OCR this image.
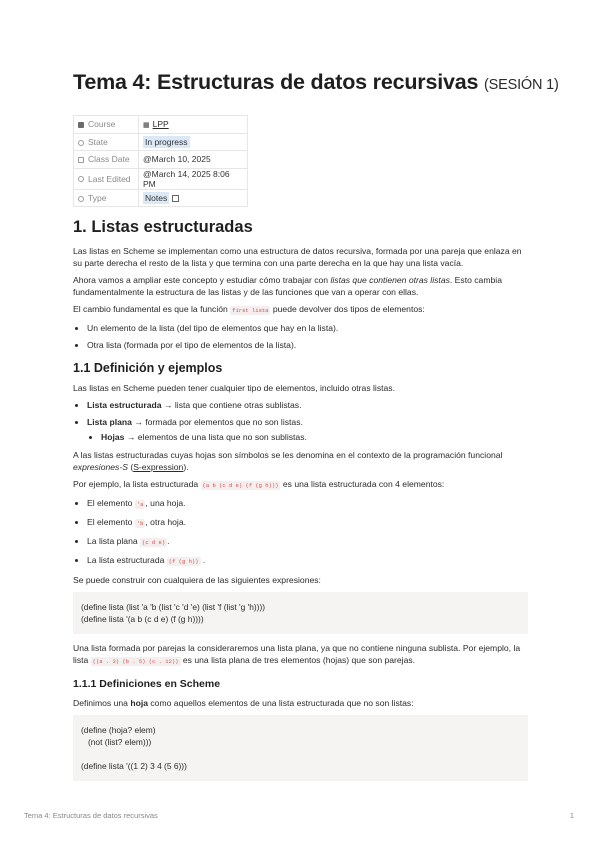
Tema 4: Estructuras de datos recursivas (SESIÓN 1)
Course	▦ LPP
State	In progress
Class Date	@March 10, 2025
Last Edited	@March 14, 2025 8:06 PM
Type	Notes
1. Listas estructuradas

Las listas en Scheme se implementan como una estructura de datos recursiva, formada por una pareja que enlaza en su parte derecha el resto de la lista y que termina con una parte derecha en la que hay una lista vacía.

Ahora vamos a ampliar este concepto y estudiar cómo trabajar con listas que contienen otras listas. Esto cambia fundamentalmente la estructura de las listas y de las funciones que van a operar con ellas.

El cambio fundamental es que la función first lista puede devolver dos tipos de elementos:

• Un elemento de la lista (del tipo de elementos que hay en la lista).
• Otra lista (formada por el tipo de elementos de la lista).
1.1 Definición y ejemplos

Las listas en Scheme pueden tener cualquier tipo de elementos, incluido otras listas.

• Lista estructurada → lista que contiene otras sublistas.
• Lista plana → formada por elementos que no son listas.
• Hojas → elementos de una lista que no son sublistas.

A las listas estructuradas cuyas hojas son símbolos se les denomina en el contexto de la programación funcional expresiones-S (S-expression).

Por ejemplo, la lista estructurada (a b (c d e) (f (g h))) es una lista estructurada con 4 elementos:

• El elemento 'a , una hoja.
• El elemento 'b , otra hoja.
• La lista plana (c d e) .
• La lista estructurada (f (g h)) .

Se puede construir con cualquiera de las siguientes expresiones:

(define lista (list 'a 'b (list 'c 'd 'e) (list 'f (list 'g 'h))))
(define lista '(a b (c d e) (f (g h))))

Una lista formada por parejas la consideraremos una lista plana, ya que no contiene ninguna sublista. Por ejemplo, la lista ((a . 3) (b . 5) (c . 12)) es una lista plana de tres elementos (hojas) que son parejas.

1.1.1 Definiciones en Scheme

Definimos una hoja como aquellos elementos de una lista estructurada que no son listas:

(define (hoja? elem)
(not (list? elem)))

(define lista '((1 2) 3 4 (5 6)))
Tema 4: Estructuras de datos recursivas	1
